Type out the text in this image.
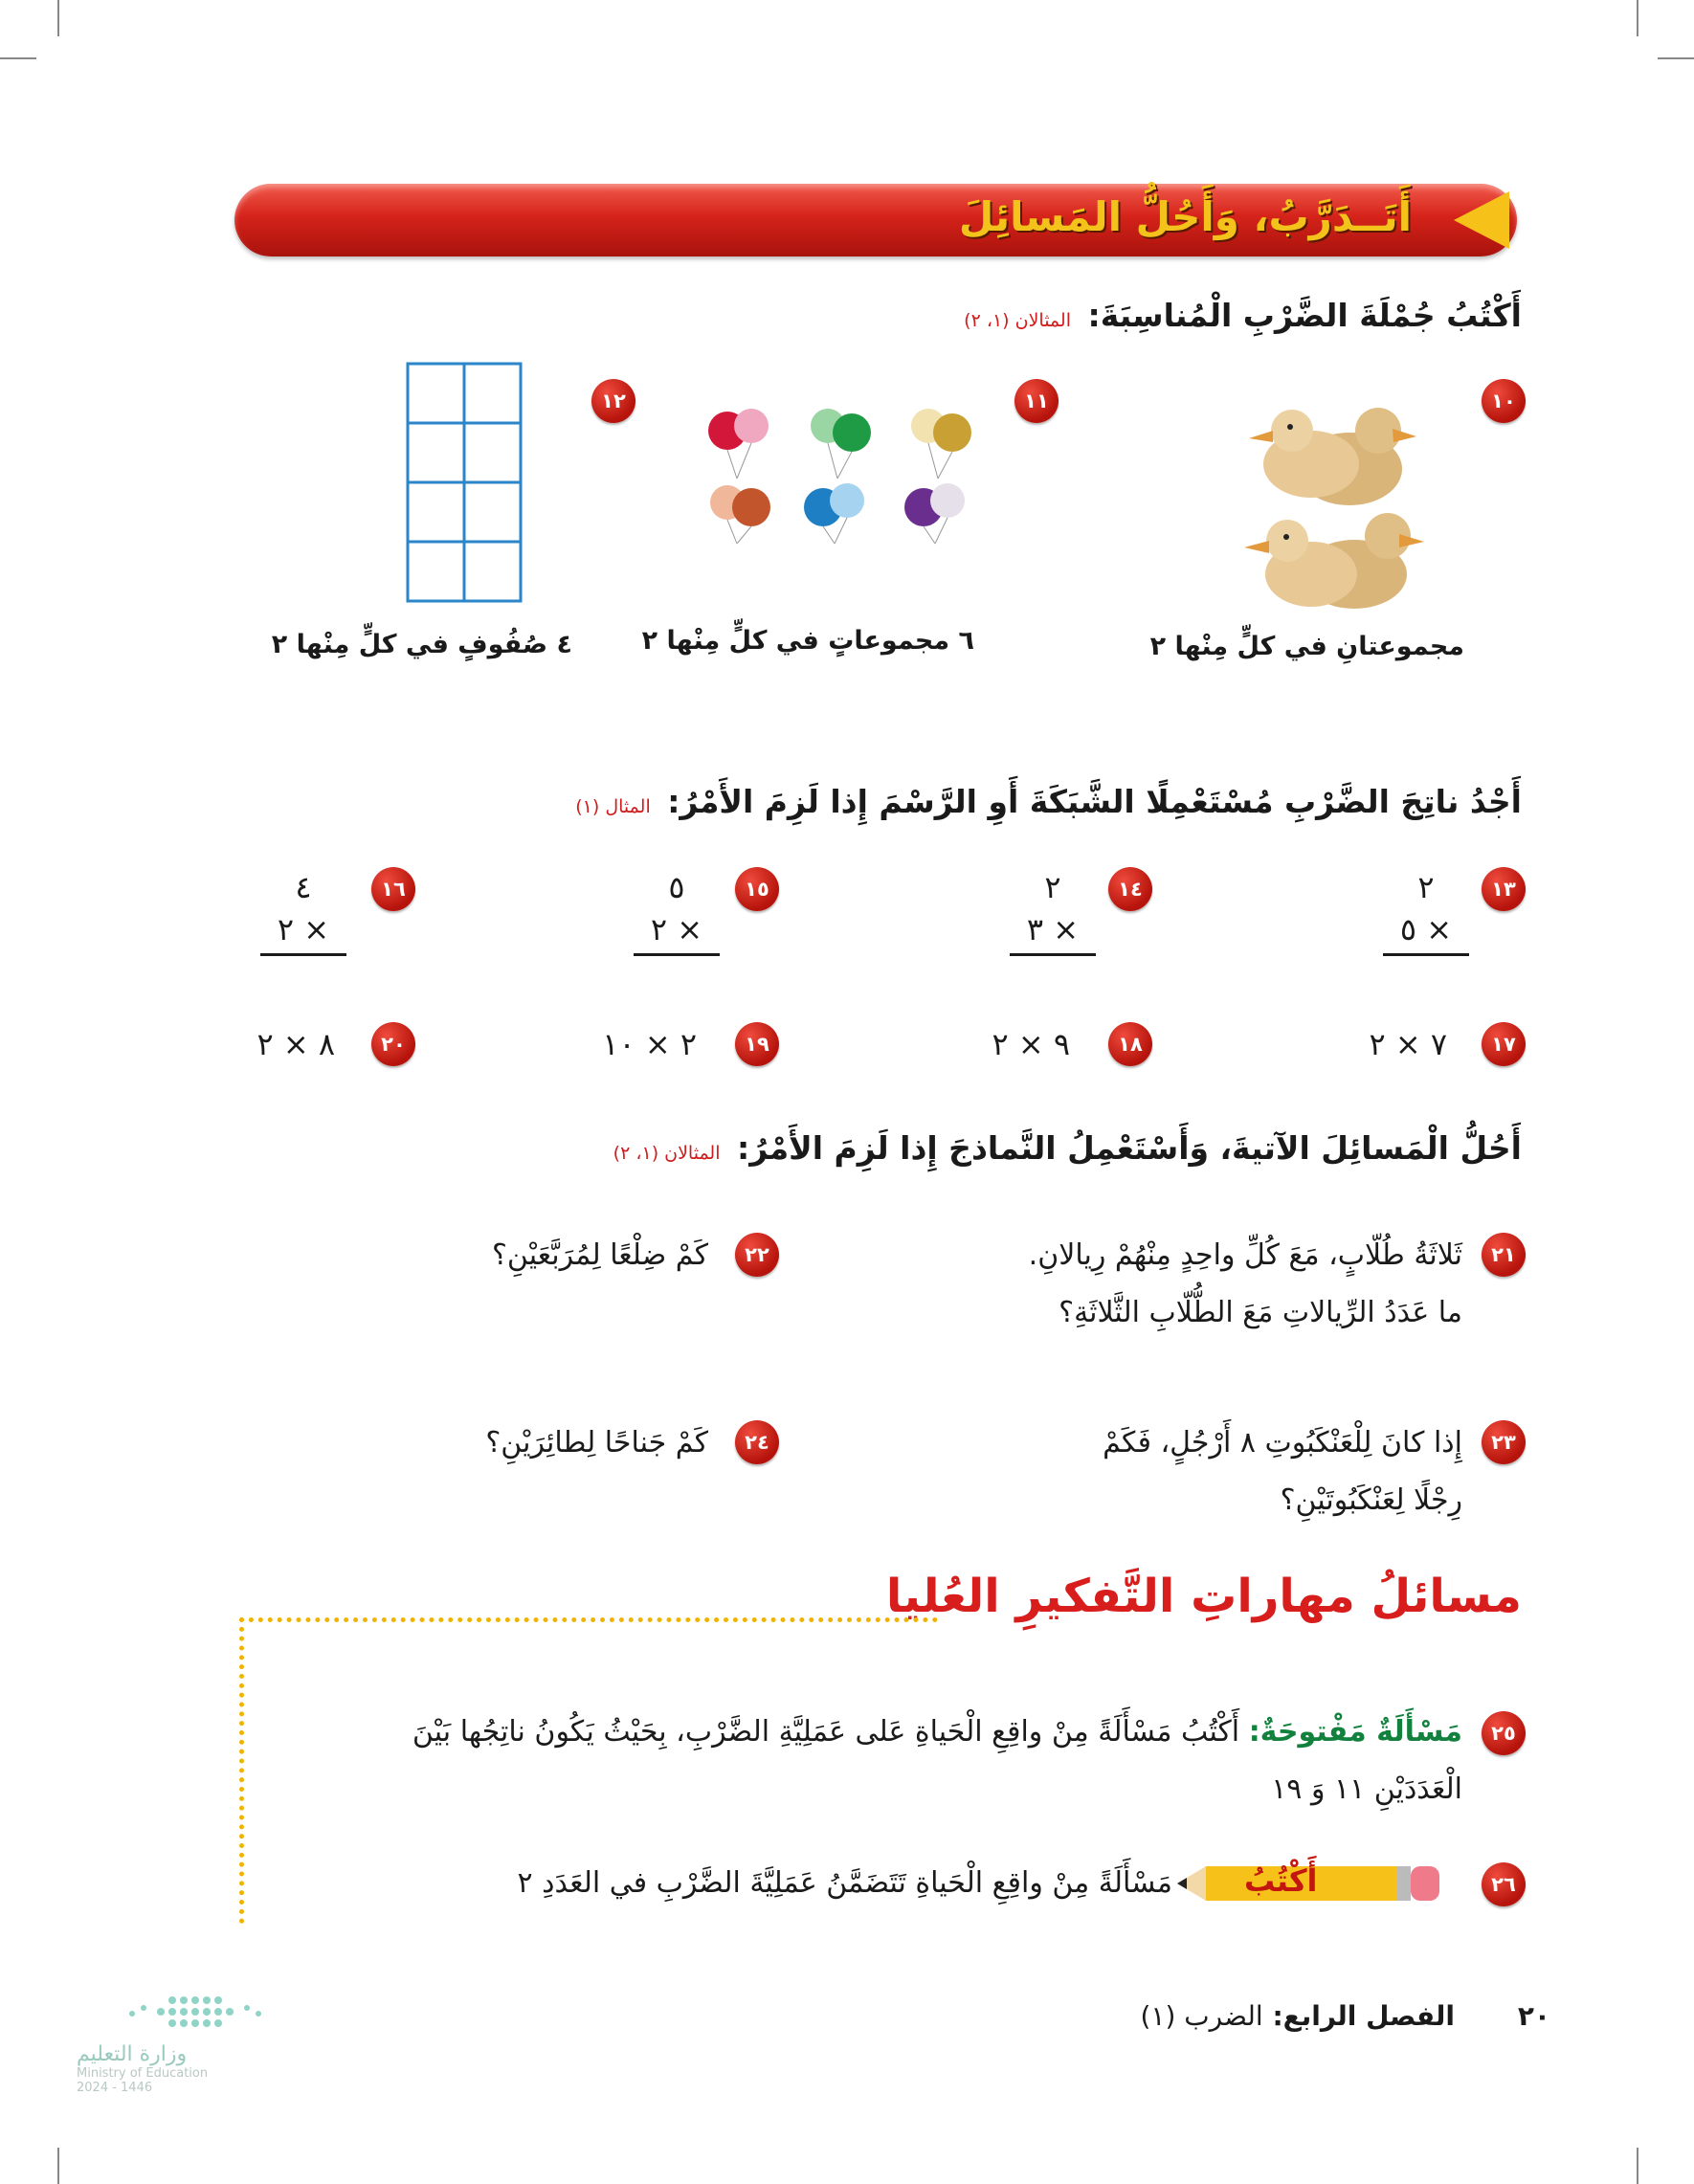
أَتَــدَرَّبُ، وَأَحُلُّ المَسائِلَ
أَكْتُبُ جُمْلَةَ الضَّرْبِ الْمُناسِبَةَ: المثالان (١، ٢)
١٠
١١
١٢
مجموعتانِ في كلٍّ مِنْها ٢
٦ مجموعاتٍ في كلٍّ مِنْها ٢
٤ صُفُوفٍ في كلٍّ مِنْها ٢
أَجْدُ ناتِجَ الضَّرْبِ مُسْتَعْمِلًا الشَّبَكَةَ أَوِ الرَّسْمَ إِذا لَزِمَ الأَمْرُ: المثال (١)
١٣
٢
٥ ×
١٤
٢
٣ ×
١٥
٥
٢ ×
١٦
٤
٢ ×
١٧
٧ × ٢
١٨
٩ × ٢
١٩
٢ × ١٠
٢٠
٨ × ٢
أَحُلُّ الْمَسائِلَ الآتيةَ، وَأَسْتَعْمِلُ النَّماذجَ إِذا لَزِمَ الأَمْرُ: المثالان (١، ٢)
٢١
ثَلاثَةُ طُلّابٍ، مَعَ كُلِّ واحِدٍ مِنْهُمْ رِيالانِ.
ما عَدَدُ الرِّيالاتِ مَعَ الطُّلّابِ الثَّلاثَةِ؟
٢٢
كَمْ ضِلْعًا لِمُرَبَّعَيْنِ؟
٢٣
إِذا كانَ لِلْعَنْكَبُوتِ ٨ أَرْجُلٍ، فَكَمْ
رِجْلًا لِعَنْكَبُوتَيْنِ؟
٢٤
كَمْ جَناحًا لِطائِرَيْنِ؟
مسائلُ مهاراتِ التَّفكيرِ العُليا
٢٥
مَسْأَلَةٌ مَفْتوحَةٌ: أَكْتُبُ مَسْأَلَةً مِنْ واقِعِ الْحَياةِ عَلى عَمَلِيَّةِ الضَّرْبِ، بِحَيْثُ يَكُونُ ناتِجُها بَيْنَ
الْعَدَدَيْنِ ١١ وَ ١٩
٢٦
أَكْتُبُ
مَسْأَلَةً مِنْ واقِعِ الْحَياةِ تَتَضَمَّنُ عَمَلِيَّةَ الضَّرْبِ في العَدَدِ ٢
٢٠
الفصل الرابع: الضرب (١)
وزارة التعليم
Ministry of Education
2024 - 1446
